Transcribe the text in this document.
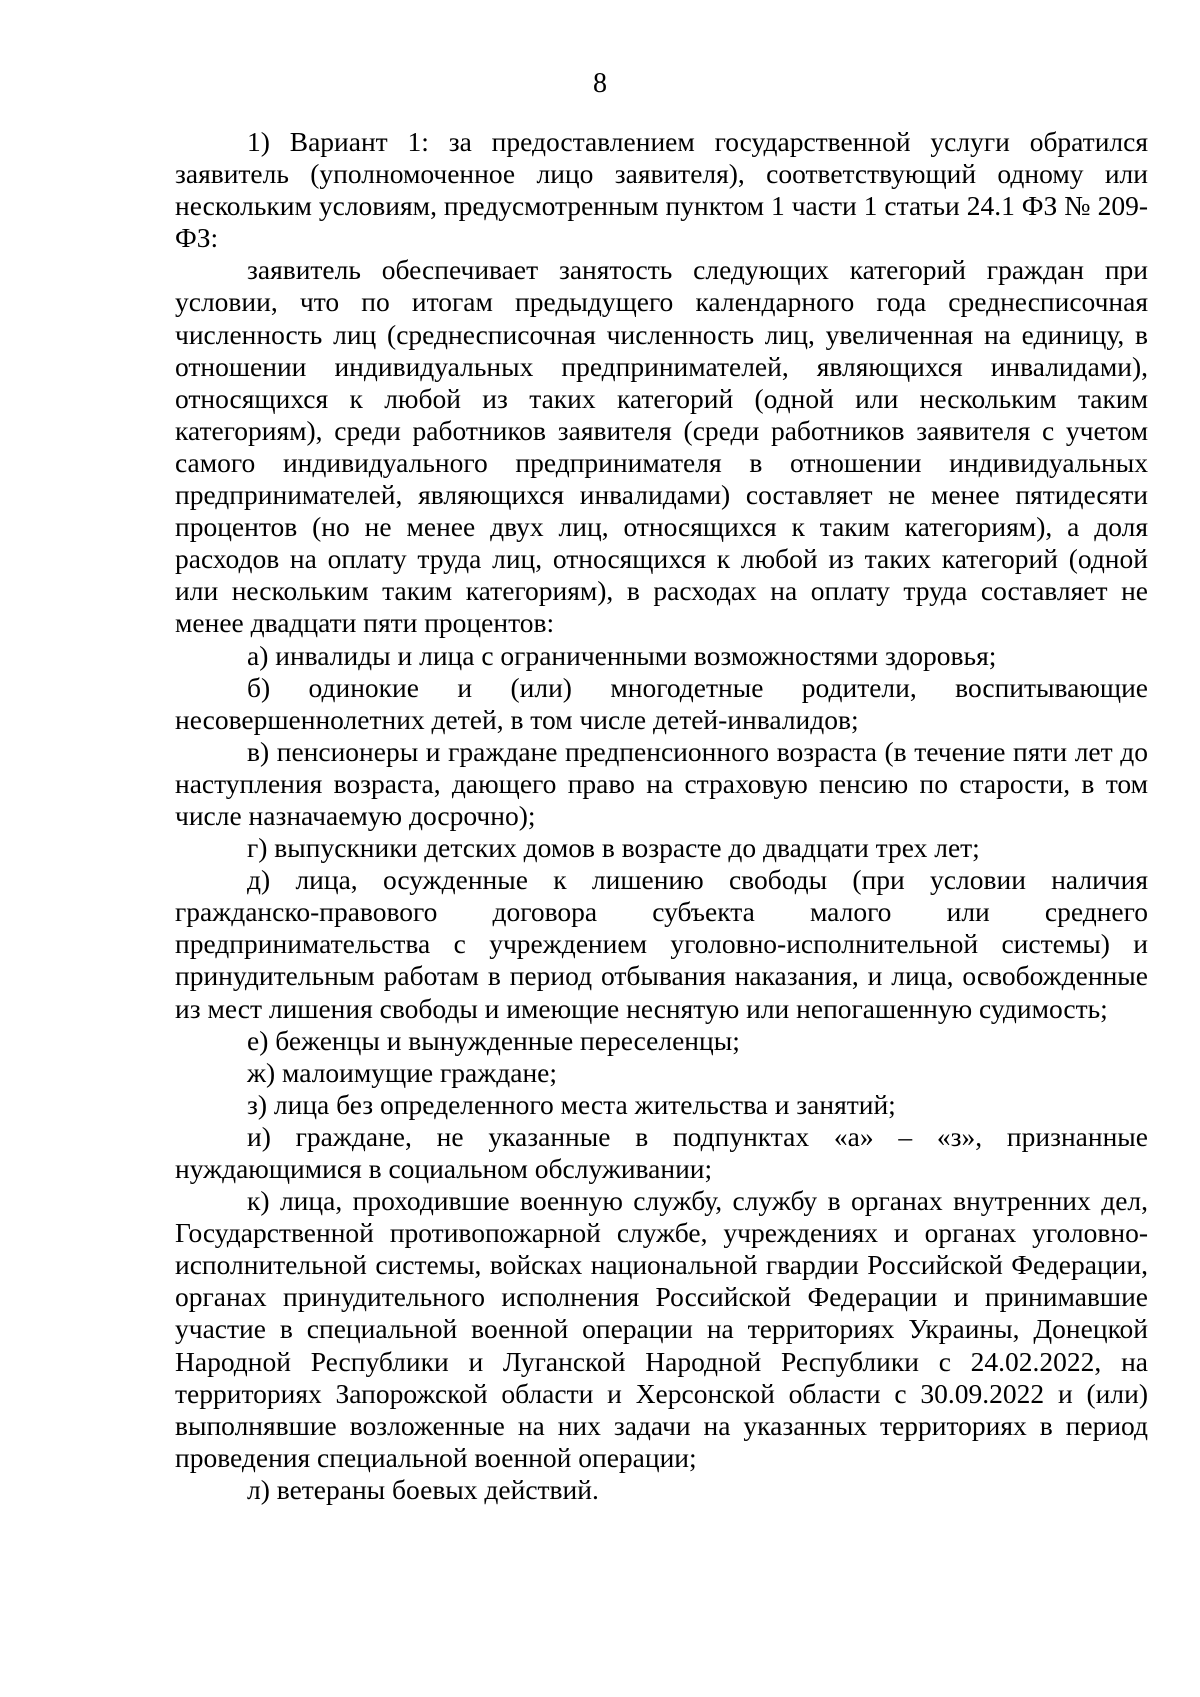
8

1) Вариант 1: за предоставлением государственной услуги обратился заявитель (уполномоченное лицо заявителя), соответствующий одному или нескольким условиям, предусмотренным пунктом 1 части 1 статьи 24.1 ФЗ № 209-ФЗ:

заявитель обеспечивает занятость следующих категорий граждан при условии, что по итогам предыдущего календарного года среднесписочная численность лиц (среднесписочная численность лиц, увеличенная на единицу, в отношении индивидуальных предпринимателей, являющихся инвалидами), относящихся к любой из таких категорий (одной или нескольким таким категориям), среди работников заявителя (среди работников заявителя с учетом самого индивидуального предпринимателя в отношении индивидуальных предпринимателей, являющихся инвалидами) составляет не менее пятидесяти процентов (но не менее двух лиц, относящихся к таким категориям), а доля расходов на оплату труда лиц, относящихся к любой из таких категорий (одной или нескольким таким категориям), в расходах на оплату труда составляет не менее двадцати пяти процентов:

а) инвалиды и лица с ограниченными возможностями здоровья;

б) одинокие и (или) многодетные родители, воспитывающие несовершеннолетних детей, в том числе детей-инвалидов;

в) пенсионеры и граждане предпенсионного возраста (в течение пяти лет до наступления возраста, дающего право на страховую пенсию по старости, в том числе назначаемую досрочно);

г) выпускники детских домов в возрасте до двадцати трех лет;

д) лица, осужденные к лишению свободы (при условии наличия гражданско-правового договора субъекта малого или среднего предпринимательства с учреждением уголовно-исполнительной системы) и принудительным работам в период отбывания наказания, и лица, освобожденные из мест лишения свободы и имеющие неснятую или непогашенную судимость;

е) беженцы и вынужденные переселенцы;

ж) малоимущие граждане;

з) лица без определенного места жительства и занятий;

и) граждане, не указанные в подпунктах «а» – «з», признанные нуждающимися в социальном обслуживании;

к) лица, проходившие военную службу, службу в органах внутренних дел, Государственной противопожарной службе, учреждениях и органах уголовно-исполнительной системы, войсках национальной гвардии Российской Федерации, органах принудительного исполнения Российской Федерации и принимавшие участие в специальной военной операции на территориях Украины, Донецкой Народной Республики и Луганской Народной Республики с 24.02.2022, на территориях Запорожской области и Херсонской области с 30.09.2022 и (или) выполнявшие возложенные на них задачи на указанных территориях в период проведения специальной военной операции;

л) ветераны боевых действий.
